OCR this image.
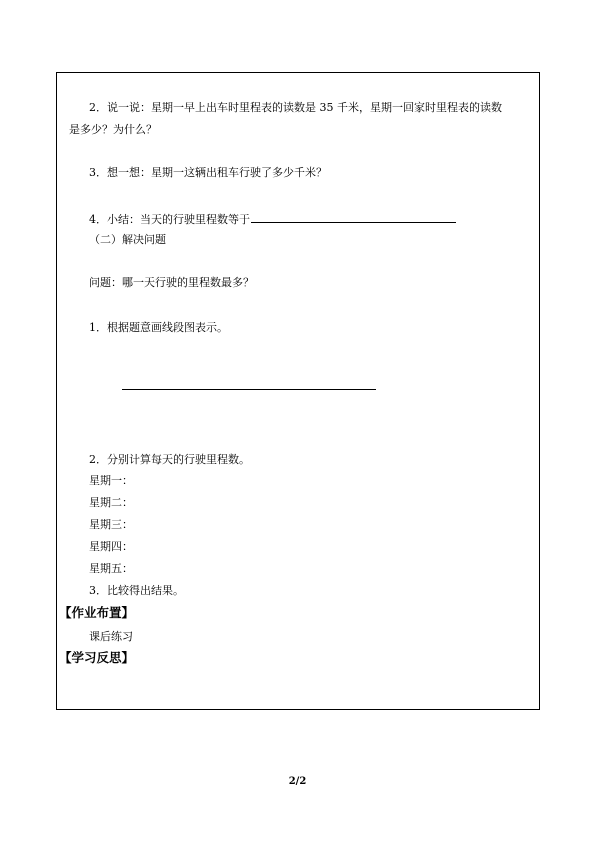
2．说一说：星期一早上出车时里程表的读数是 35 千米，星期一回家时里程表的读数
是多少？为什么？
3．想一想：星期一这辆出租车行驶了多少千米？
4．小结：当天的行驶里程数等于
（二）解决问题
问题：哪一天行驶的里程数最多？
1．根据题意画线段图表示。
2．分别计算每天的行驶里程数。
星期一：
星期二：
星期三：
星期四：
星期五：
3．比较得出结果。
【作业布置】
课后练习
【学习反思】
2/2
